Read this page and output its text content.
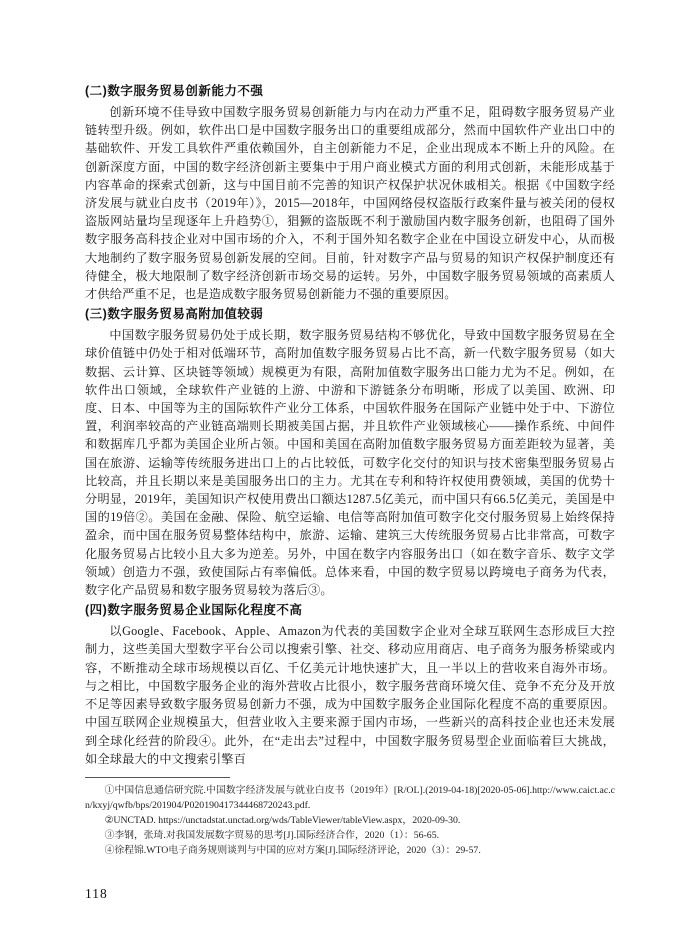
(二)数字服务贸易创新能力不强

创新环境不佳导致中国数字服务贸易创新能力与内在动力严重不足，阻碍数字服务贸易产业链转型升级。例如，软件出口是中国数字服务出口的重要组成部分，然而中国软件产业出口中的基础软件、开发工具软件严重依赖国外，自主创新能力不足，企业出现成本不断上升的风险。在创新深度方面，中国的数字经济创新主要集中于用户商业模式方面的利用式创新，未能形成基于内容革命的探索式创新，这与中国目前不完善的知识产权保护状况休戚相关。根据《中国数字经济发展与就业白皮书（2019年）》，2015—2018年，中国网络侵权盗版行政案件量与被关闭的侵权盗版网站量均呈现逐年上升趋势①，猖獗的盗版既不利于激励国内数字服务创新，也阻碍了国外数字服务高科技企业对中国市场的介入，不利于国外知名数字企业在中国设立研发中心，从而极大地制约了数字服务贸易创新发展的空间。目前，针对数字产品与贸易的知识产权保护制度还有待健全，极大地限制了数字经济创新市场交易的运转。另外，中国数字服务贸易领域的高素质人才供给严重不足，也是造成数字服务贸易创新能力不强的重要原因。

(三)数字服务贸易高附加值较弱

中国数字服务贸易仍处于成长期，数字服务贸易结构不够优化，导致中国数字服务贸易在全球价值链中仍处于相对低端环节，高附加值数字服务贸易占比不高，新一代数字服务贸易（如大数据、云计算、区块链等领域）规模更为有限，高附加值数字服务出口能力尤为不足。例如，在软件出口领域，全球软件产业链的上游、中游和下游链条分布明晰，形成了以美国、欧洲、印度、日本、中国等为主的国际软件产业分工体系，中国软件服务在国际产业链中处于中、下游位置，利润率较高的产业链高端则长期被美国占据，并且软件产业领域核心——操作系统、中间件和数据库几乎都为美国企业所占领。中国和美国在高附加值数字服务贸易方面差距较为显著，美国在旅游、运输等传统服务进出口上的占比较低，可数字化交付的知识与技术密集型服务贸易占比较高，并且长期以来是美国服务出口的主力。尤其在专利和特许权使用费领域，美国的优势十分明显，2019年，美国知识产权使用费出口额达1287.5亿美元，而中国只有66.5亿美元，美国是中国的19倍②。美国在金融、保险、航空运输、电信等高附加值可数字化交付服务贸易上始终保持盈余，而中国在服务贸易整体结构中，旅游、运输、建筑三大传统服务贸易占比非常高，可数字化服务贸易占比较小且大多为逆差。另外，中国在数字内容服务出口（如在数字音乐、数字文学领域）创造力不强，致使国际占有率偏低。总体来看，中国的数字贸易以跨境电子商务为代表，数字化产品贸易和数字服务贸易较为落后③。

(四)数字服务贸易企业国际化程度不高

以Google、Facebook、Apple、Amazon为代表的美国数字企业对全球互联网生态形成巨大控制力，这些美国大型数字平台公司以搜索引擎、社交、移动应用商店、电子商务为服务桥梁或内容，不断推动全球市场规模以百亿、千亿美元计地快速扩大，且一半以上的营收来自海外市场。与之相比，中国数字服务企业的海外营收占比很小，数字服务营商环境欠佳、竞争不充分及开放不足等因素导致数字服务贸易创新力不强，成为中国数字服务企业国际化程度不高的重要原因。中国互联网企业规模虽大，但营业收入主要来源于国内市场，一些新兴的高科技企业也还未发展到全球化经营的阶段④。此外，在“走出去”过程中，中国数字服务贸易型企业面临着巨大挑战，如全球最大的中文搜索引擎百

①中国信息通信研究院.中国数字经济发展与就业白皮书（2019年）[R/OL].(2019-04-18)[2020-05-06].http://www.caict.ac.cn/kxyj/qwfb/bps/201904/P020190417344468720243.pdf.

②UNCTAD. https://unctadstat.unctad.org/wds/TableViewer/tableView.aspx，2020-09-30.

③李钢，张琦.对我国发展数字贸易的思考[J].国际经济合作，2020（1）：56-65.

④徐程锦.WTO电子商务规则谈判与中国的应对方案[J].国际经济评论，2020（3）：29-57.

118
